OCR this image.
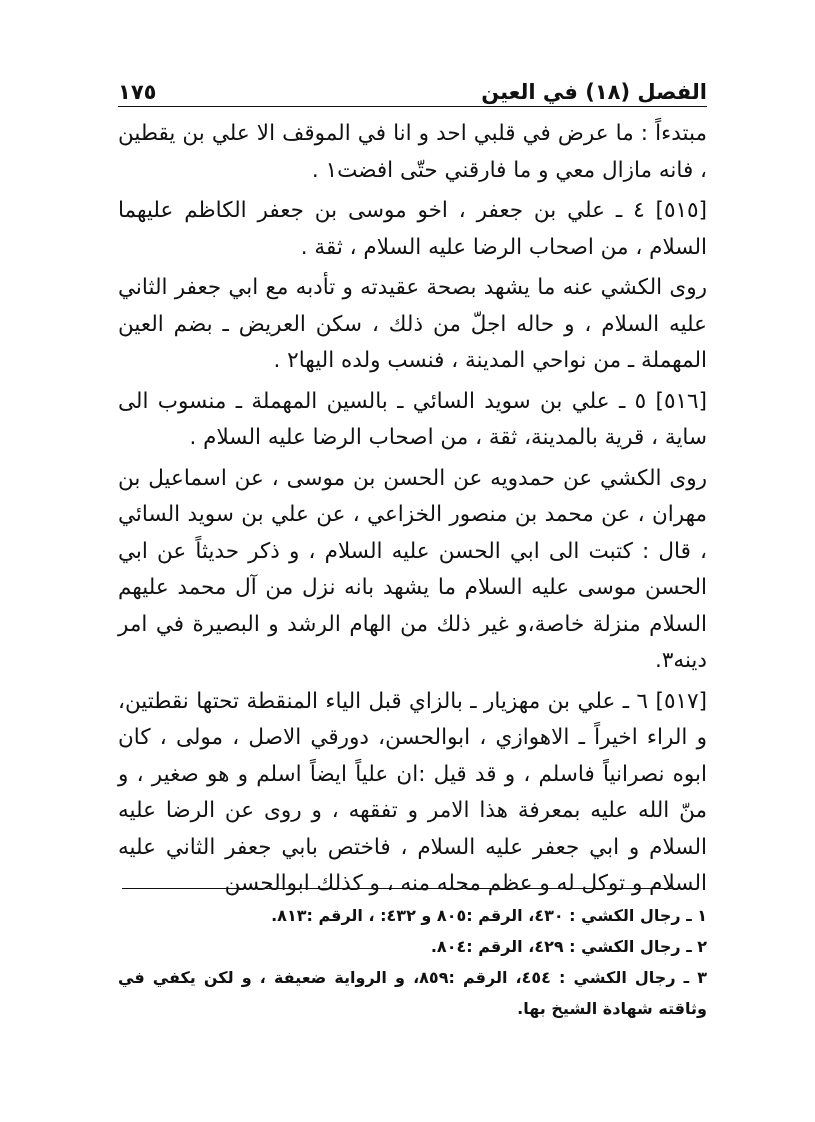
الفصل (١٨) في العين
١٧٥

مبتدءاً : ما عرض في قلبي احد و انا في الموقف الا علي بن يقطين ، فانه مازال معي و ما فارقني حتّى افضت١ .

[٥١٥] ٤ ـ علي بن جعفر ، اخو موسى بن جعفر الكاظم عليهما السلام ، من اصحاب الرضا عليه السلام ، ثقة .

روى الكشي عنه ما يشهد بصحة عقيدته و تأدبه مع ابي جعفر الثاني عليه السلام ، و حاله اجلّ من ذلك ، سكن العريض ـ بضم العين المهملة ـ من نواحي المدينة ، فنسب ولده اليها٢ .

[٥١٦] ٥ ـ علي بن سويد السائي ـ بالسين المهملة ـ منسوب الى ساية ، قرية بالمدينة، ثقة ، من اصحاب الرضا عليه السلام .

روى الكشي عن حمدويه عن الحسن بن موسى ، عن اسماعيل بن مهران ، عن محمد بن منصور الخزاعي ، عن علي بن سويد السائي ، قال : كتبت الى ابي الحسن عليه السلام ، و ذكر حديثاً عن ابي الحسن موسى عليه السلام ما يشهد بانه نزل من آل محمد عليهم السلام منزلة خاصة،و غير ذلك من الهام الرشد و البصيرة في امر دينه٣.

[٥١٧] ٦ ـ علي بن مهزيار ـ بالزاي قبل الياء المنقطة تحتها نقطتين، و الراء اخيراً ـ الاهوازي ، ابوالحسن، دورقي الاصل ، مولى ، كان ابوه نصرانياً فاسلم ، و قد قيل :ان علياً ايضاً اسلم و هو صغير ، و منّ الله عليه بمعرفة هذا الامر و تفقهه ، و روى عن الرضا عليه السلام و ابي جعفر عليه السلام ، فاختص بابي جعفر الثاني عليه السلام و توكل له و عظم محله منه ، و كذلك ابوالحسن

١ ـ رجال الكشي : ٤٣٠، الرقم :٨٠٥ و ٤٣٢: ، الرقم :٨١٣.

٢ ـ رجال الكشي : ٤٢٩، الرقم :٨٠٤.

٣ ـ رجال الكشي : ٤٥٤، الرقم :٨٥٩، و الرواية ضعيفة ، و لكن يكفي في وثاقته شهادة الشيخ بها.
